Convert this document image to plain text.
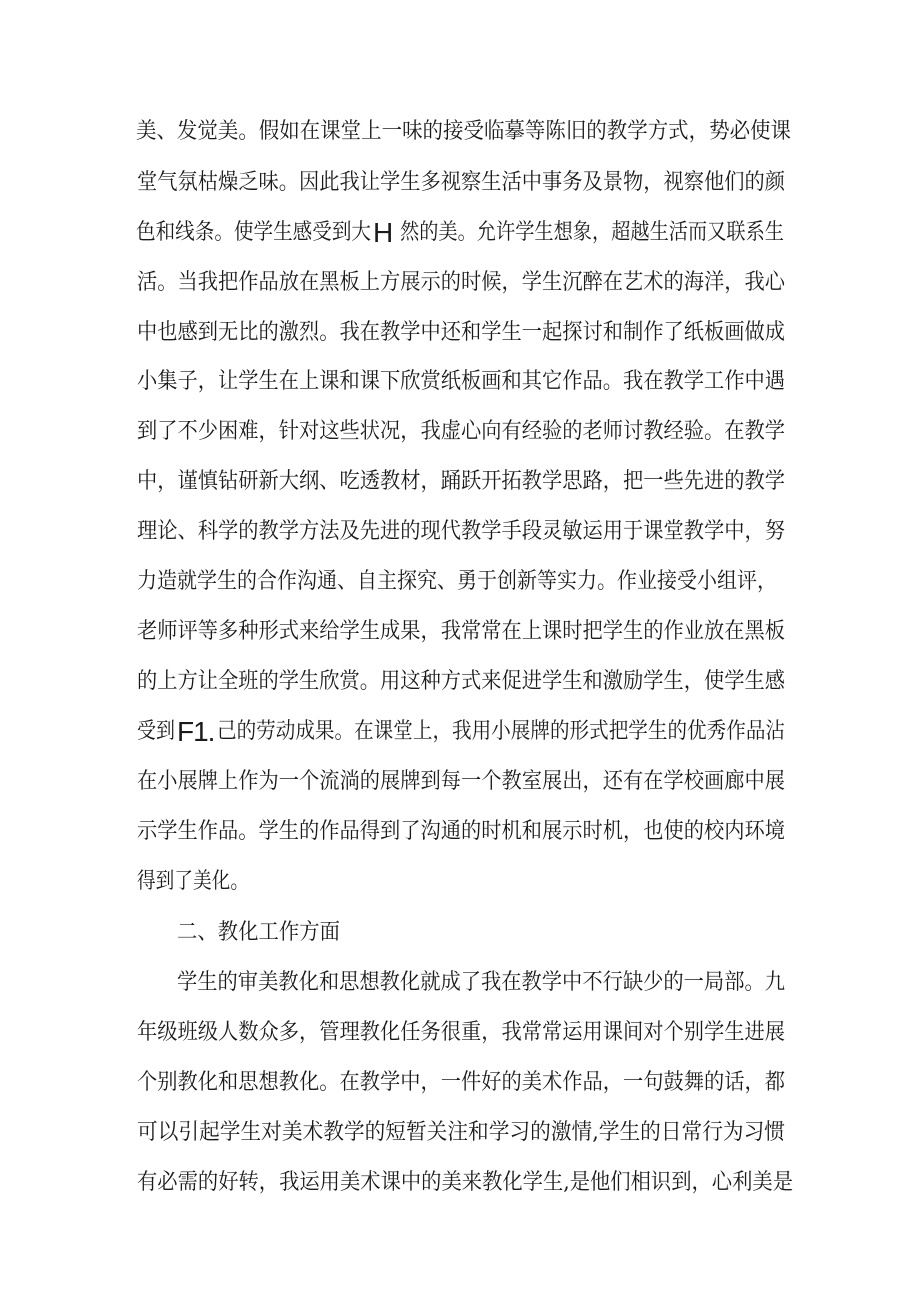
美、发觉美。假如在课堂上一味的接受临摹等陈旧的教学方式，势必使课
堂气氛枯燥乏味。因此我让学生多视察生活中事务及景物，视察他们的颜
色和线条。使学生感受到大 H 然的美。允许学生想象，超越生活而又联系生
活。当我把作品放在黑板上方展示的时候，学生沉醉在艺术的海洋，我心
中也感到无比的激烈。我在教学中还和学生一起探讨和制作了纸板画做成
小集子，让学生在上课和课下欣赏纸板画和其它作品。我在教学工作中遇
到了不少困难，针对这些状况，我虚心向有经验的老师讨教经验。在教学
中，谨慎钻研新大纲、吃透教材，踊跃开拓教学思路，把一些先进的教学
理论、科学的教学方法及先进的现代教学手段灵敏运用于课堂教学中，努
力造就学生的合作沟通、自主探究、勇于创新等实力。作业接受小组评，
老师评等多种形式来给学生成果，我常常在上课时把学生的作业放在黑板
的上方让全班的学生欣赏。用这种方式来促进学生和激励学生，使学生感
受到 F1. 己的劳动成果。在课堂上，我用小展牌的形式把学生的优秀作品沾
在小展牌上作为一个流淌的展牌到每一个教室展出，还有在学校画廊中展
示学生作品。学生的作品得到了沟通的时机和展示时机，也使的校内环境
得到了美化。
二、教化工作方面
学生的审美教化和思想教化就成了我在教学中不行缺少的一局部。九
年级班级人数众多，管理教化任务很重，我常常运用课间对个别学生进展
个别教化和思想教化。在教学中，一件好的美术作品，一句鼓舞的话，都
可以引起学生对美术教学的短暂关注和学习的激情,学生的日常行为习惯
有必需的好转，我运用美术课中的美来教化学生,是他们相识到，心利美是
